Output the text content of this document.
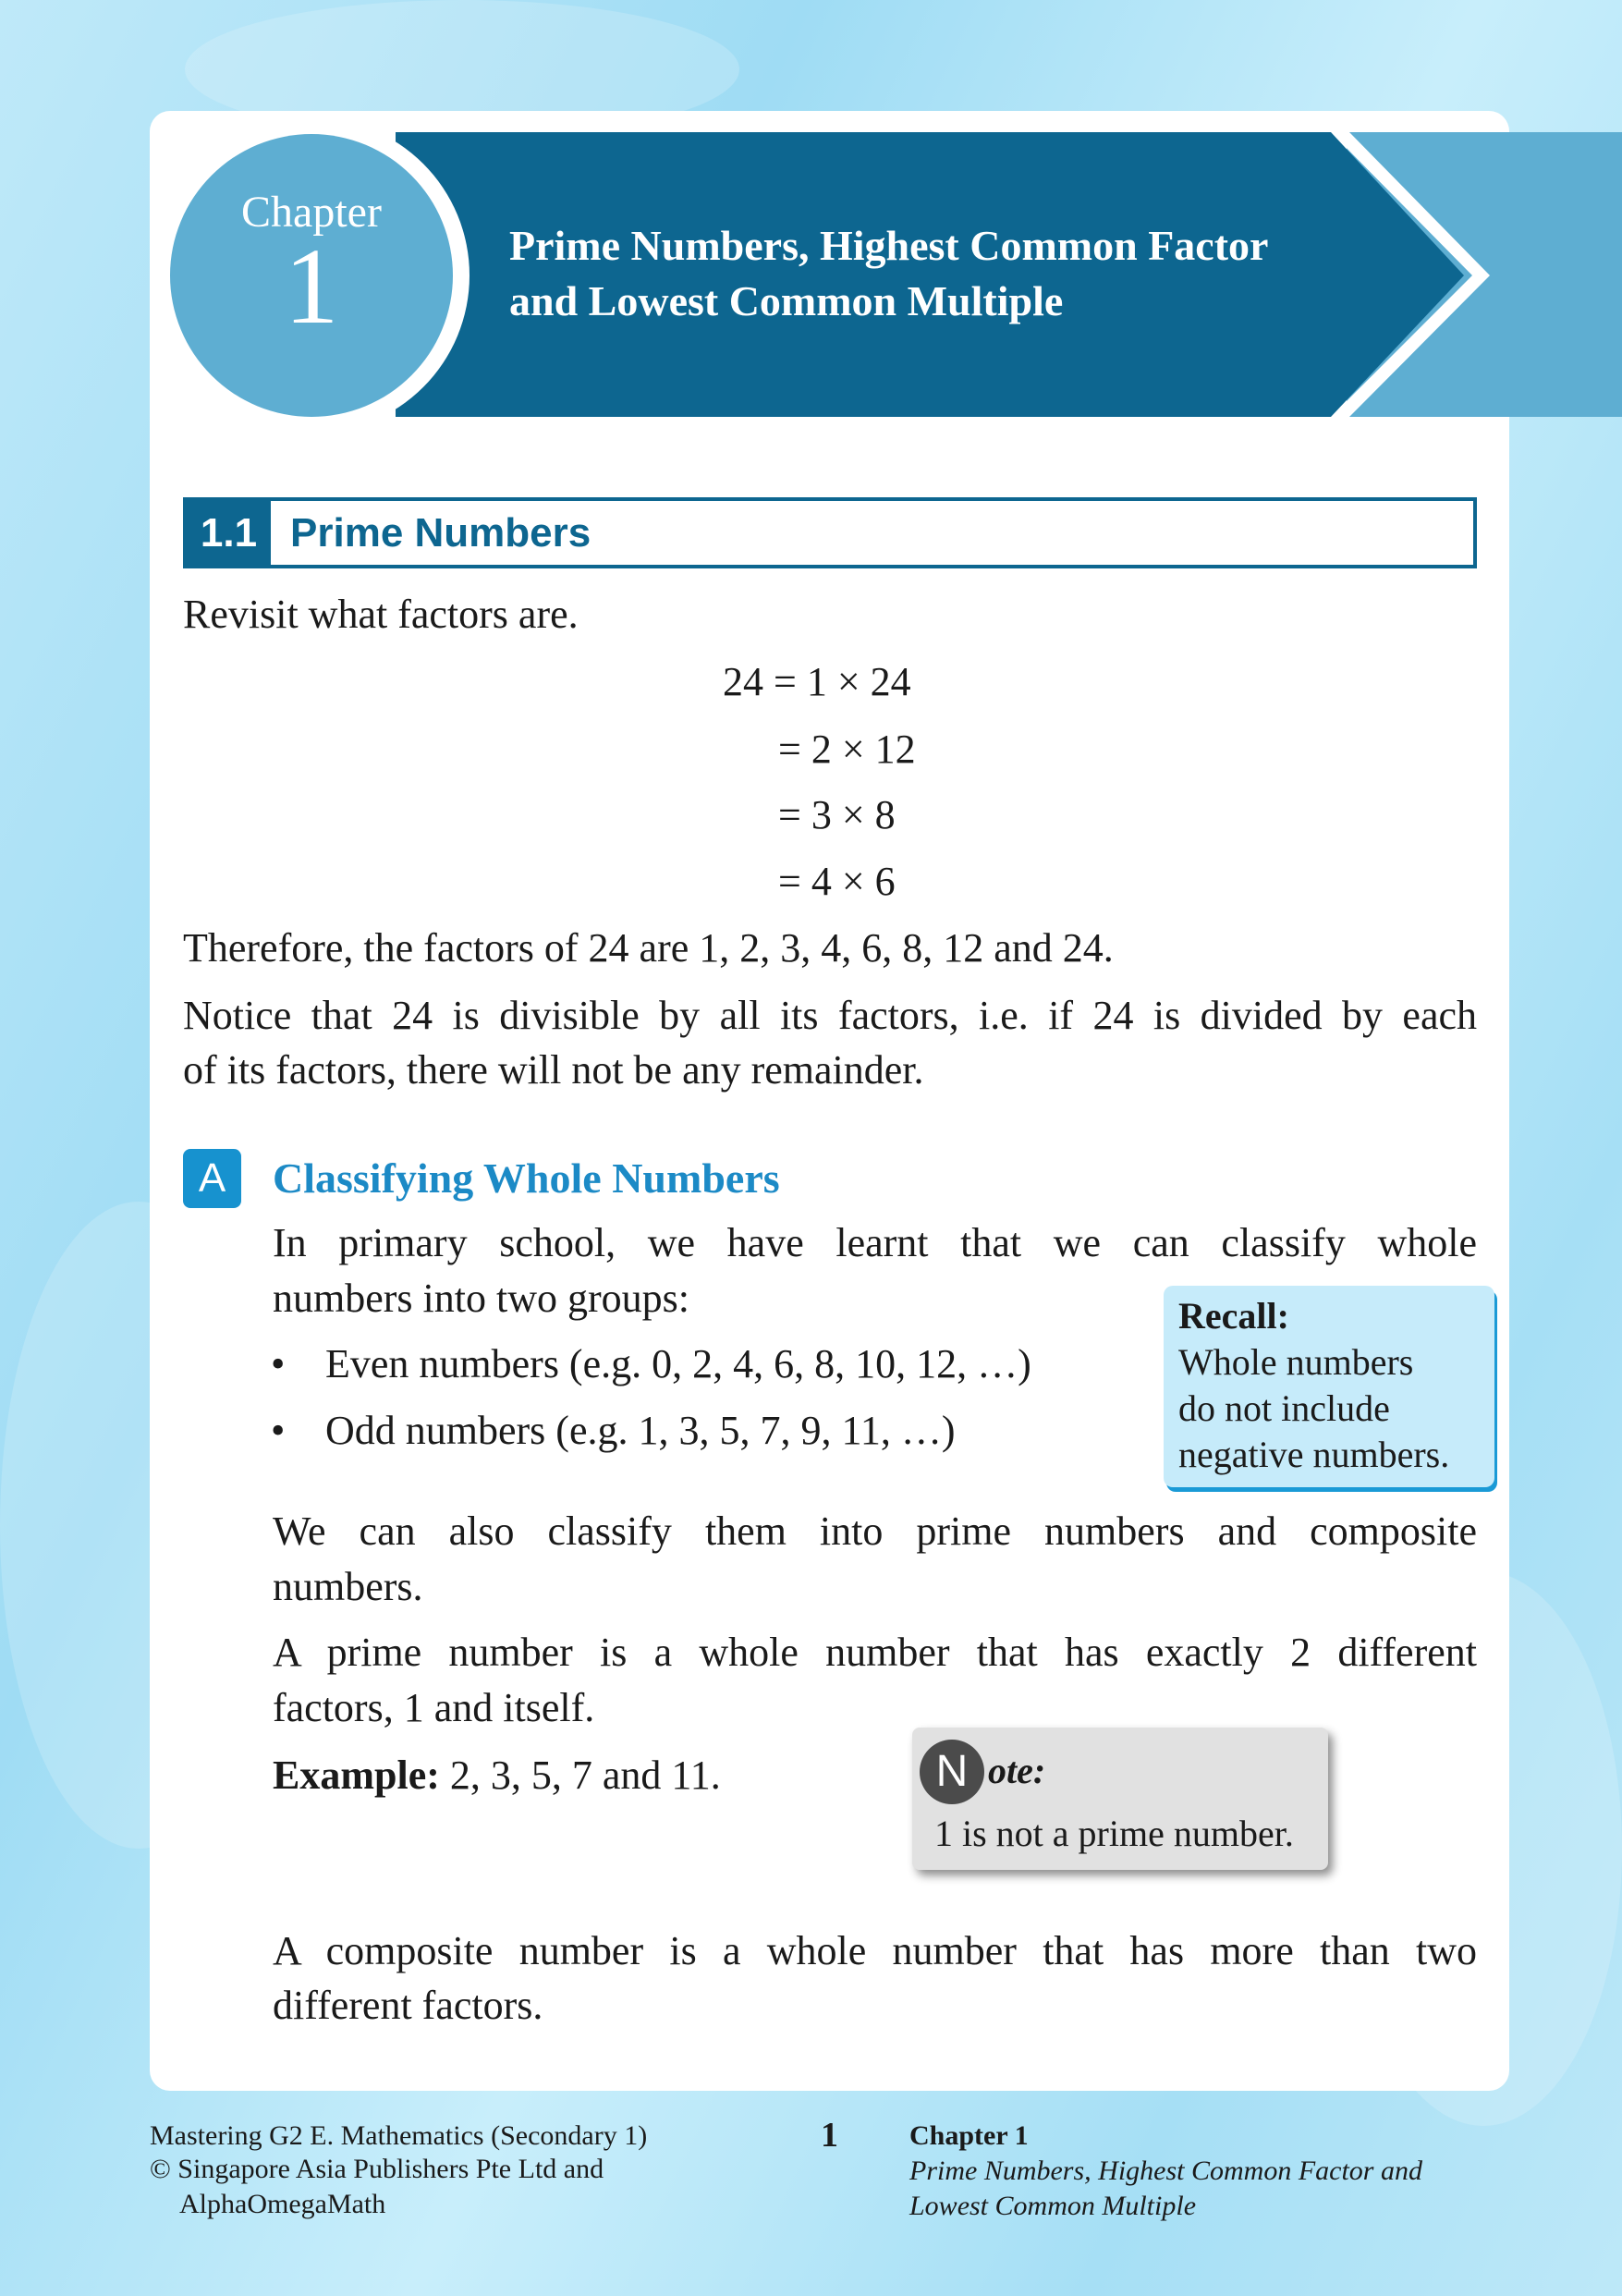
Chapter
1	Prime Numbers, Highest Common Factor
and Lowest Common Multiple
1.1 Prime Numbers
Revisit what factors are.
24 = 1 × 24
= 2 × 12
= 3 × 8
= 4 × 6
Therefore, the factors of 24 are 1, 2, 3, 4, 6, 8, 12 and 24.
Notice that 24 is divisible by all its factors, i.e. if 24 is divided by each
of its factors, there will not be any remainder.
A	Classifying Whole Numbers
In primary school, we have learnt that we can classify whole
numbers into two groups:
• Even numbers (e.g. 0, 2, 4, 6, 8, 10, 12, …)
• Odd numbers (e.g. 1, 3, 5, 7, 9, 11, …)
Recall:
Whole numbers
do not include
negative numbers.
We can also classify them into prime numbers and composite
numbers.
A prime number is a whole number that has exactly 2 different
factors, 1 and itself.
Example: 2, 3, 5, 7 and 11.	N ote:
1 is not a prime number.
A composite number is a whole number that has more than two
different factors.
Mastering G2 E. Mathematics (Secondary 1)
© Singapore Asia Publishers Pte Ltd and
AlphaOmegaMath
1	Chapter 1
Prime Numbers, Highest Common Factor and
Lowest Common Multiple
